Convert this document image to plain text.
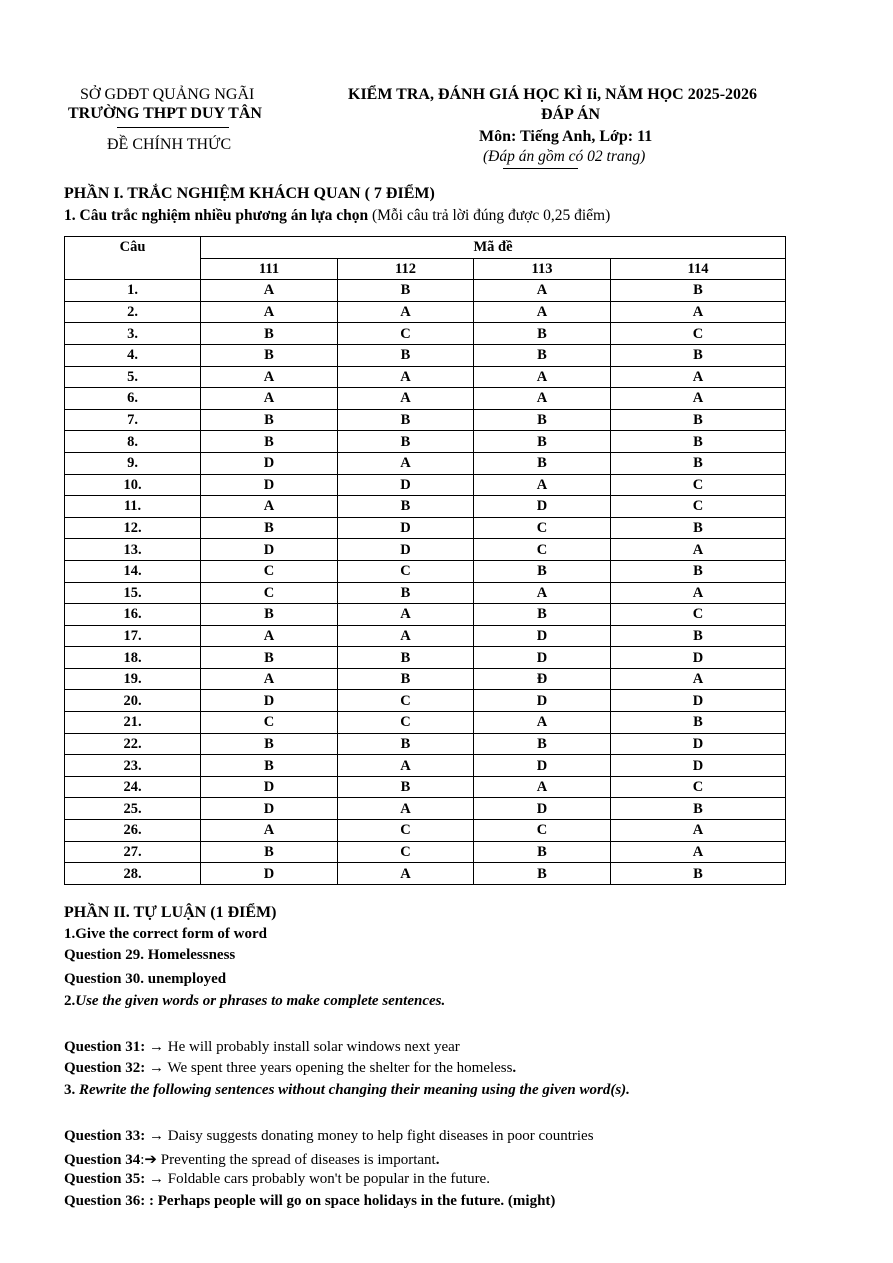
SỞ GDĐT QUẢNG NGÃI
TRƯỜNG THPT DUY TÂN
ĐỀ CHÍNH THỨC
KIỂM TRA, ĐÁNH GIÁ HỌC KÌ Ii, NĂM HỌC 2025-2026
ĐÁP ÁN
Môn: Tiếng Anh, Lớp: 11
(Đáp án gồm có 02 trang)
PHẦN I. TRẮC NGHIỆM KHÁCH QUAN ( 7 ĐIỂM)
1. Câu trắc nghiệm nhiều phương án lựa chọn (Mỗi câu trả lời đúng được 0,25 điểm)
Câu	Mã đề			
	111	112	113	114
1.	A	B	A	B
2.	A	A	A	A
3.	B	C	B	C
4.	B	B	B	B
5.	A	A	A	A
6.	A	A	A	A
7.	B	B	B	B
8.	B	B	B	B
9.	D	A	B	B
10.	D	D	A	C
11.	A	B	D	C
12.	B	D	C	B
13.	D	D	C	A
14.	C	C	B	B
15.	C	B	A	A
16.	B	A	B	C
17.	A	A	D	B
18.	B	B	D	D
19.	A	B	Đ	A
20.	D	C	D	D
21.	C	C	A	B
22.	B	B	B	D
23.	B	A	D	D
24.	D	B	A	C
25.	D	A	D	B
26.	A	C	C	A
27.	B	C	B	A
28.	D	A	B	B
PHẦN II. TỰ LUẬN (1 ĐIỂM)
1.Give the correct form of word
Question 29. Homelessness
Question 30. unemployed
2.Use the given words or phrases to make complete sentences.
Question 31: → He will probably install solar windows next year
Question 32: → We spent three years opening the shelter for the homeless.
3. Rewrite the following sentences without changing their meaning using the given word(s).
Question 33: → Daisy suggests donating money to help fight diseases in poor countries
Question 34:➔ Preventing the spread of diseases is important.
Question 35: → Foldable cars probably won't be popular in the future.
Question 36: : Perhaps people will go on space holidays in the future. (might)
